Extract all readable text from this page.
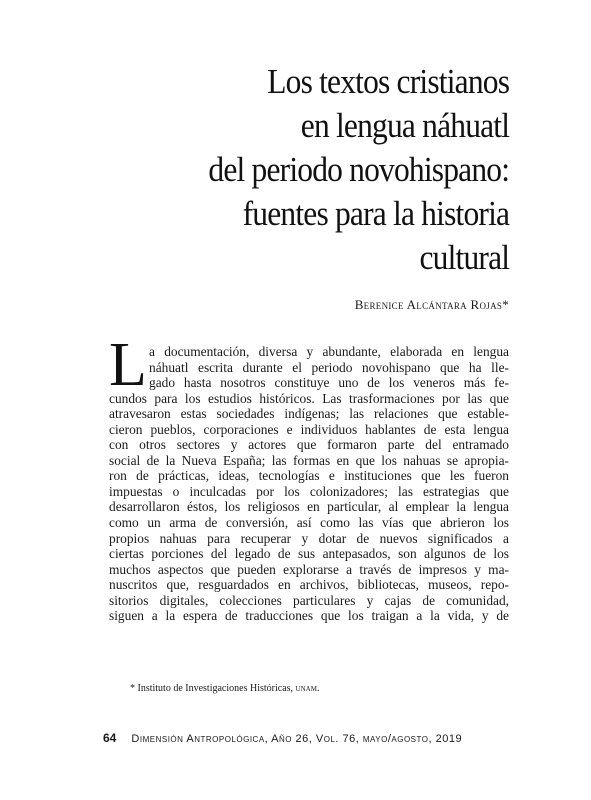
Los textos cristianos
en lengua náhuatl
del periodo novohispano:
fuentes para la historia
cultural
Berenice Alcántara Rojas*
L a documentación, diversa y abundante, elaborada en lengua
náhuatl escrita durante el periodo novohispano que ha lle-
gado hasta nosotros constituye uno de los veneros más fe-
cundos para los estudios históricos. Las trasformaciones por las que
atravesaron estas sociedades indígenas; las relaciones que estable-
cieron pueblos, corporaciones e individuos hablantes de esta lengua
con otros sectores y actores que formaron parte del entramado
social de la Nueva España; las formas en que los nahuas se apropia-
ron de prácticas, ideas, tecnologías e instituciones que les fueron
impuestas o inculcadas por los colonizadores; las estrategias que
desarrollaron éstos, los religiosos en particular, al emplear la lengua
como un arma de conversión, así como las vías que abrieron los
propios nahuas para recuperar y dotar de nuevos significados a
ciertas porciones del legado de sus antepasados, son algunos de los
muchos aspectos que pueden explorarse a través de impresos y ma-
nuscritos que, resguardados en archivos, bibliotecas, museos, repo-
sitorios digitales, colecciones particulares y cajas de comunidad,
siguen a la espera de traducciones que los traigan a la vida, y de
* Instituto de Investigaciones Históricas, unam.
64 Dimensión Antropológica, Año 26, Vol. 76, mayo/agosto, 2019
